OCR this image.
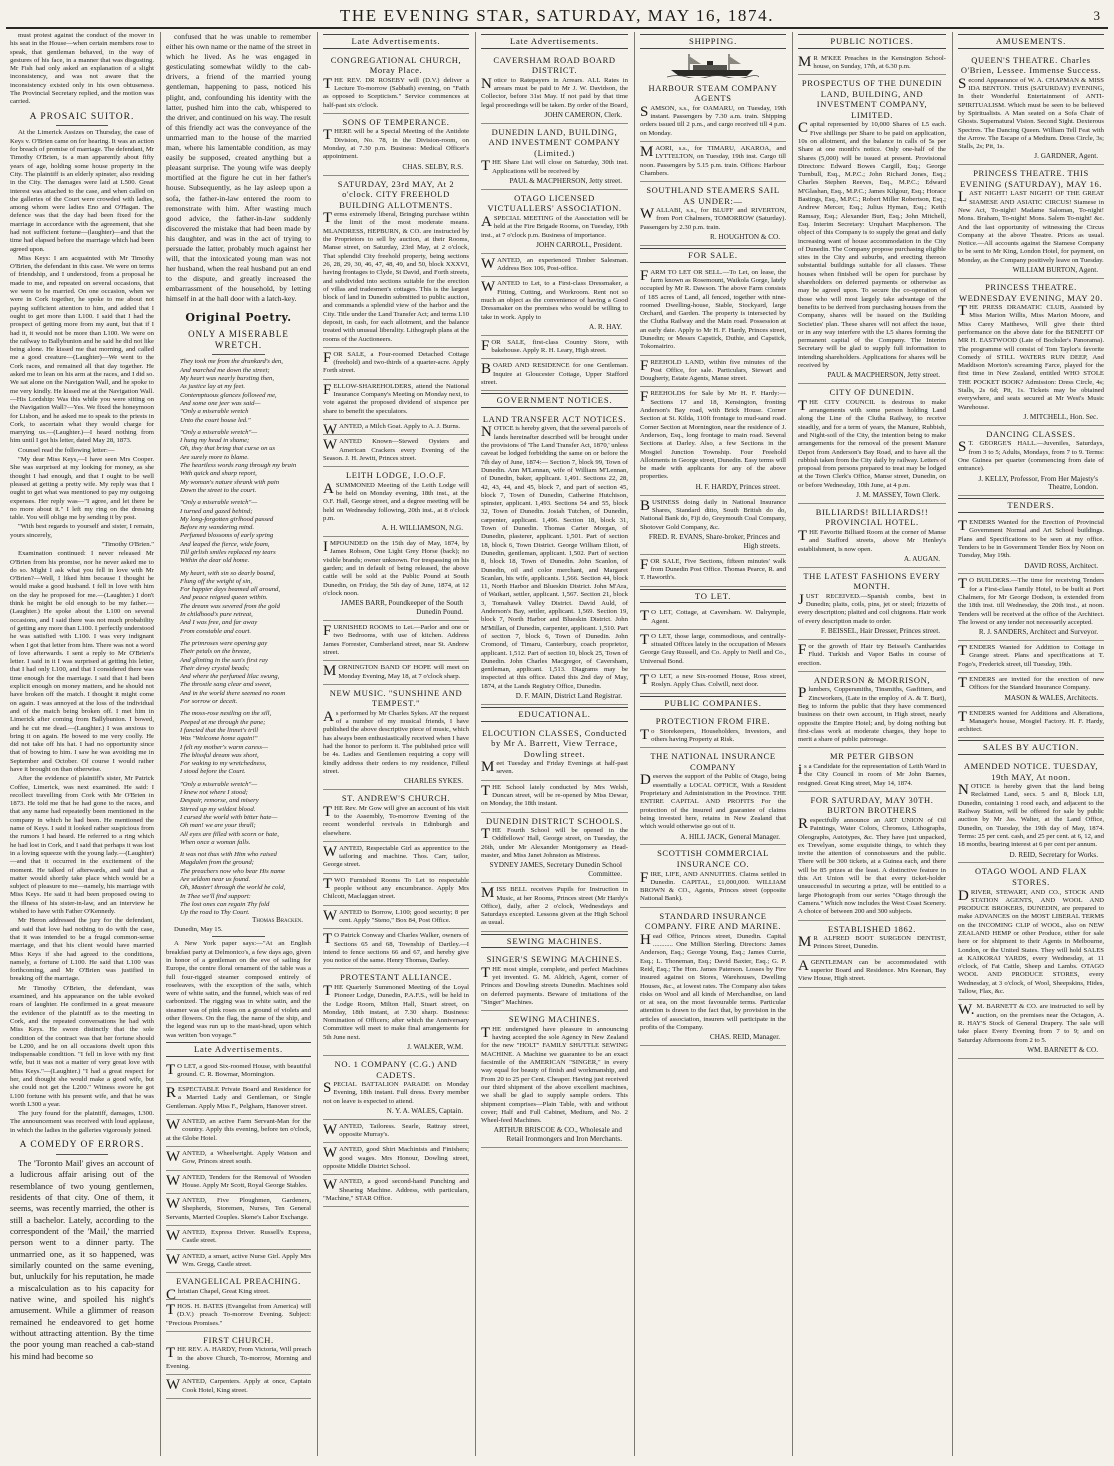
THE EVENING STAR, SATURDAY, MAY 16, 1874.	3
must protest against the conduct of the mover in his seat in the House—when certain members rose to speak, that gentleman behaved, in the way of gestures of his face, in a manner that was disgusting. Mr Fish had only asked an explanation of a slight inconsistency, and was not aware that the inconsistency existed only in his own obtuseness. The Provincial Secretary replied, and the motion was carried.
A PROSAIC SUITOR.
At the Limerick Assizes on Thursday, the case of Keys v. O'Brien came on for hearing. It was an action for breach of promise of marriage. The defendant, Mr Timothy O'Brien, is a man apparently about fifty years of age, holding some house property in the City. The plaintiff is an elderly spinster, also residing in the City. The damages were laid at L500. Great interest was attached to the case, and when called on the galleries of the Court were crowded with ladies, among whom were ladies Eno and O'Hagan. The defence was that the day had been fixed for the marriage in accordance with the agreement, that she had not sufficient fortune—(laughter)—and that the time had elapsed before the marriage which had been agreed upon.
Miss Keys: I am acquainted with Mr Timothy O'Brien, the defendant in this case. We were on terms of friendship, and I understood, from a proposal he made to me, and repeated on several occasions, that we were to be married. On one occasion, when we were in Cork together, he spoke to me about not paying sufficient attention to him, and added that I ought to get more than L100. I said that I had the prospect of getting more from my aunt, but that if I had it, it would not be more than L100. We were on the railway to Ballybunion and he said he did not like being alone. He kissed me that morning, and called me a good creature—(Laughter)—We went to the Cork races, and remained all that day together. He asked me to lean on his arm at the races, and I did so. We sat alone on the Navigation Wall, and he spoke to me very kindly. He kissed me at the Navigation Wall.—His Lordship: Was this while you were sitting on the Navigation Wall?—Yes. We fixed the honeymoon for Lisbon, and he asked me to speak to the priests in Cork, to ascertain what they would charge for marrying us.—(Laughter.)—I heard nothing from him until I got his letter, dated May 28, 1873.
Counsel read the following letter:—
"My dear Miss Keys,—I have seen Mrs Cooper. She was surprised at my looking for money, as she thought I had enough, and that I ought to be well pleased at getting a pretty wife. My reply was that I ought to get what was mentioned to pay my outgoing expenses. Her reply was—"I agree, and let there be no more about it." I left my ring on the dressing table. You will oblige me by sending it by post.
"With best regards to yourself and sister, I remain, yours sincerely,
"Timothy O'Brien."
Examination continued: I never released Mr O'Brien from his promise, nor he never asked me to do so. Might I ask what you fell in love with Mr O'Brien?—Well, I liked him because I thought he would make a good husband. I fell in love with him on the day he proposed for me.—(Laughter.) I don't think he might be old enough to be my father.—(Laughter.) He spoke about the L100 on several occasions, and I said there was not much probability of getting any more than L100. I perfectly understood he was satisfied with L100. I was very indignant when I got that letter from him. There was not a word of love afterwards. I sent a reply to Mr O'Brien's letter. I said in it I was surprised at getting his letter, that I had only L100, and that I considered there was time enough for the marriage. I said that I had been explicit enough on money matters, and he should not have broken off the match. I thought it might come on again. I was annoyed at the loss of the individual and of the match being broken off. I met him in Limerick after coming from Ballybunion. I bowed, and he cut me dead.—(Laughter.) I was anxious to bring it on again. He bowed to me very coolly. He did not take off his hat. I had no opportunity since that of bowing to him. I saw he was avoiding me in September and October. Of course I would rather have it brought on than otherwise.
After the evidence of plaintiff's sister, Mr Patrick Coffee, Limerick, was next examined. He said: I recollect travelling from Cork with Mr O'Brien in 1873. He told me that he had gone to the races, and that any name had repeatedly been mentioned in the company in which he had been. He mentioned the name of Keys. I said it looked rather suspicious from the rumors I had heard. He referred to a ring which he had lost in Cork, and I said that perhaps it was lost in a loving squeeze with the young lady.—(Laughter)—and that it occurred in the excitement of the moment. He talked of afterwards, and said that a matter would shortly take place which would be a subject of pleasure to me—namely, his marriage with Miss Keys. He said it had been proposed owing to the illness of his sister-in-law, and an interview he wished to have with Father O'Kennedy.
Mr Heron addressed the jury for the defendant, and said that love had nothing to do with the case, that it was intended to be a frugal common-sense marriage, and that his client would have married Miss Keys if she had agreed to the conditions, namely, a fortune of L100. He said that L100 was forthcoming, and Mr O'Brien was justified in breaking off the marriage.
Mr Timothy O'Brien, the defendant, was examined, and his appearance on the table evoked roars of laughter. He confirmed in a great measure the evidence of the plaintiff as to the meeting in Cork, and the repeated conversations he had with Miss Keys. He swore distinctly that the sole condition of the contract was that her fortune should be L200, and he on all occasions dwelt upon this indispensable condition. "I fell in love with my first wife, but it was not a matter of very great love with Miss Keys."—(Laughter.) "I had a great respect for her, and thought she would make a good wife, but she could not get the L200." Witness swore he got L100 fortune with his present wife, and that he was worth L300 a year.
The jury found for the plaintiff, damages, L300. The announcement was received with loud applause, in which the ladies in the galleries vigorously joined.
A COMEDY OF ERRORS.
The 'Toronto Mail' gives an account of a ludicrous affair arising out of the resemblance of two young gentlemen, residents of that city. One of them, it seems, was recently married, the other is still a bachelor. Lately, according to the correspondent of the 'Mail,' the married person went to a dinner party. The unmarried one, as it so happened, was similarly counted on the same evening, but, unluckily for his reputation, he made a miscalculation as to his capacity for native wine, and spoiled his night's amusement. While a glimmer of reason remained he endeavored to get home without attracting attention. By the time the poor young man reached a cab-stand his mind had become so
confused that he was unable to remember either his own name or the name of the street in which he lived. As he was engaged in gesticulating somewhat wildly to the cab-drivers, a friend of the married young gentleman, happening to pass, noticed his plight, and, confounding his identity with the latter, pushed him into the cab, whispered to the driver, and continued on his way. The result of this friendly act was the conveyance of the unmarried man to the house of the married man, where his lamentable condition, as may easily be supposed, created anything but a pleasant surprise. The young wife was deeply mortified at the figure he cut in her father's house. Subsequently, as he lay asleep upon a sofa, the father-in-law entered the room to remonstrate with him. After wasting much good advice, the father-in-law suddenly discovered the mistake that had been made by his daughter, and was in the act of trying to persuade the latter, probably much against her will, that the intoxicated young man was not her husband, when the real husband put an end to the dispute, and greatly increased the embarrassment of the household, by letting himself in at the hall door with a latch-key.
Original Poetry.
ONLY A MISERABLE WRETCH.
They took me from the drunkard's den,
And marched me down the street;
My heart was nearly bursting then,
As justice lay at my feet.
Contemptuous glances followed me,
And some one jeer was said—
"Only a miserable wretch
Unto the court house led."
"Only a miserable wretch"—
I hung my head in shame;
Oh, they that bring that curse on us
Are surely more to blame.
The heartless words rang through my brain
With quick and sharp report,
My woman's nature shrank with pain
Down the street to the court.
"Only a miserable wretch"—
I turned and gazed behind;
My long-forgotten girlhood passed
Before my wandering mind.
Perfumed blossoms of early spring
And leaped the fierce, wide foam,
Till girlish smiles replaced my tears
Within the dear old home.
My heart, with sin so dearly bound,
Flung off the weight of sin,
For happier days beamed all around,
And peace reigned queen within.
The dream was severed from the gold
In childhood's pure retreat,
And I was free, and far away
From constable and court.
The primroses were opening gay
Their petals on the breeze,
And glinting in the sun's first ray
Their dewy crystal beads;
And where the perfumed lilac swung,
The throstle sang clear and sweet,
And in the world there seemed no room
For sorrow or deceit.
The moss-rose nestling on the sill,
Peeped at me through the pane;
I fancied that the linnet's trill
Was "Welcome home again!"
I felt my mother's warm caress—
The blissful dream was short,
For waking to my wretchedness,
I stood before the Court.
"Only a miserable wretch"—
I knew not where I stood;
Despair, remorse, and misery
Stirred up my wildest blood.
I cursed the world with bitter hate—
Oh man! we are your thrall;
All eyes are filled with scorn or hate,
When once a woman falls.
It was not thus with Him who raised
Magdalen from the ground;
The preachers now who bear His name
Are seldom near us found.
Oh, Master! through the world be cold,
In Thee we'll find support:
The lost ones can regain Thy fold
Up the road to Thy Court.
Thomas Bracken.
Dunedin, May 15.
A New York paper says:—"At an English breakfast party at Delmonico's, a few days ago, given in honor of a gentleman on the eve of sailing for Europe, the centre floral ornament of the table was a full four-rigged steamer composed entirely of roseleaves, with the exception of the sails, which were of white satin, and the funnel, which was of red carbonized. The rigging was in white satin, and the steamer was of pink roses on a ground of violets and other flowers. On the flag, the name of the ship, and the legend was run up to the mast-head, upon which was written 'bon voyage.'"
Late Advertisements.
TO LET, a good Six-roomed House, with beautiful ground. C. R. Bowmar, Mornington.
RESPECTABLE Private Board and Residence for a Married Lady and Gentleman, or Single Gentleman. Apply Miss F., Pelgham, Hanover street.
WANTED, an active Farm Servant-Man for the country. Apply this evening, before ten o'clock, at the Globe Hotel.
WANTED, a Wheelwright. Apply Watson and Gow, Princes street south.
WANTED, Tenders for the Removal of Wooden House. Apply Mr Scott, Royal George Stables.
WANTED, Five Ploughmen, Gardeners, Shepherds, Storemen, Nurses, Ten General Servants, Married Couples. Skene's Labor Exchange.
WANTED, Express Driver. Russell's Express, Castle street.
WANTED, a smart, active Nurse Girl. Apply Mrs Wm. Gregg, Castle street.
EVANGELICAL PREACHING.
Christian Chapel, Great King street.
THOS. H. BATES (Evangelist from America) will (D.V.) preach To-morrow Evening. Subject: "Precious Promises."
FIRST CHURCH.
THE REV. A. HARDY, From Victoria, Will preach in the above Church, To-morrow, Morning and Evening.
WANTED, Carpenters. Apply at once, Captain Cook Hotel, King street.
Late Advertisements.
CONGREGATIONAL CHURCH, Moray Place.
THE REV. DR ROSEBY will (D.V.) deliver a Lecture To-morrow (Sabbath) evening, on "Faith as opposed to Scepticism." Service commences at half-past six o'clock.
SONS OF TEMPERANCE.
THERE will be a Special Meeting of the Antidote Division, No. 78, in the Division-room, on Monday, at 7.30 p.m. Business: Medical Officer's appointment.
CHAS. SELBY, R.S.
SATURDAY, 23rd MAY, At 2 o'clock. CITY FREEHOLD BUILDING ALLOTMENTS.
Terms extremely liberal, Bringing purchase within the limit of the most moderate means. MLANDRESS, HEPBURN, & CO. are instructed by the Proprietors to sell by auction, at their Rooms, Manse street, on Saturday, 23rd May, at 2 o'clock, That splendid City freehold property, being sections 26, 28, 29, 30, 46, 47, 48, 49, and 50, block XXXVI, having frontages to Clyde, St David, and Forth streets, and subdivided into sections suitable for the erection of villas and tradesmen's cottages. This is the largest block of land in Dunedin submitted to public auction, and commands a splendid view of the harbor and the City. Title under the Land Transfer Act; and terms L10 deposit, in cash, for each allotment, and the balance treated with unusual liberality. Lithograph plans at the rooms of the Auctioneers.
FOR SALE, a Four-roomed Detached Cottage (freehold) and two-thirds of a quarter-acre. Apply Forth street.
FELLOW-SHAREHOLDERS, attend the National Insurance Company's Meeting on Monday next, to vote against the proposed dividend of sixpence per share to benefit the speculators.
WANTED, a Milch Goat. Apply to A. J. Burns.
WANTED Known—Stewed Oysters and American Crackers every Evening of the Season. J. H. Jewitt, Princes street.
LEITH LODGE, I.O.O.F.
ASUMMONED Meeting of the Leith Lodge will be held on Monday evening, 18th inst., at the O.F. Hall, George street, and a degree meeting will be held on Wednesday following, 20th inst., at 8 o'clock p.m.
A. H. WILLIAMSON, N.G.
IMPOUNDED on the 15th day of May, 1874, by James Robson, One Light Grey Horse (back); no visible brands; owner unknown. For trespassing on his garden; and in default of being released, the above cattle will be sold at the Public Pound at South Dunedin, on Friday, the 5th day of June, 1874, at 12 o'clock noon.
JAMES BARR, Poundkeeper of the South Dunedin Pound.
FURNISHED ROOMS to Let.—Parlor and one or two Bedrooms, with use of kitchen. Address James Forrester, Cumberland street, near St. Andrew street.
MORNINGTON BAND OF HOPE will meet on Monday Evening, May 18, at 7 o'clock sharp.
NEW MUSIC. "SUNSHINE AND TEMPEST."
As performed by Mr Charles Sykes. AT the request of a number of my musical friends, I have published the above descriptive piece of music, which has always been enthusiastically received when I have had the honor to perform it. The published price will be 4s. Ladies and Gentlemen requiring a copy will kindly address their orders to my residence, Filleul street.
CHARLES SYKES.
ST. ANDREW'S CHURCH.
THE Rev. Mr Gow will give an account of his visit to the Assembly, To-morrow Evening of the recent wonderful revivals in Edinburgh and elsewhere.
WANTED, Respectable Girl as apprentice to the tailoring and machine. Thos. Carr, tailor, George street.
TWO Furnished Rooms To Let to respectable people without any encumbrance. Apply Mrs Chilcott, Maclaggan street.
WANTED to Borrow, L100; good security; 8 per cent. Apply "Steno," Box 84, Post Office.
TO Patrick Conway and Charles Walker, owners of Sections 65 and 68, Township of Dartley.—I intend to fence sections 66 and 67, and hereby give you notice of the same. Henry Thomas, Darley.
PROTESTANT ALLIANCE.
THE Quarterly Summoned Meeting of the Loyal Pioneer Lodge, Dunedin, P.A.F.S., will be held in the Lodge Room, Milton Hall, Stuart street, on Monday, 18th instant, at 7.30 sharp. Business: Nomination of Officers; after which the Anniversary Committee will meet to make final arrangements for 5th June next.
J. WALKER, W.M.
NO. 1 COMPANY (C.G.) AND CADETS.
SPECIAL BATTALION PARADE on Monday Evening, 18th instant. Full dress. Every member not on leave is expected to attend.
N. Y. A. WALES, Captain.
WANTED, Tailoress. Searle, Rattray street, opposite Murray's.
WANTED, good Shirt Machinists and Finishers; good wages. Mrs Honour, Dowling street, opposite Middle District School.
WANTED, a good second-hand Punching and Shearing Machine. Address, with particulars, "Machine," STAR Office.
Late Advertisements.
CAVERSHAM ROAD BOARD DISTRICT.
Notice to Ratepayers in Arrears. ALL Rates in arrears must be paid to Mr J. W. Davidson, the Collector, before 31st May. If not paid by that time legal proceedings will be taken. By order of the Board,
JOHN CAMERON, Clerk.
DUNEDIN LAND, BUILDING, AND INVESTMENT COMPANY (Limited.)
THE Share List will close on Saturday, 30th inst. Applications will be received by
PAUL & MACPHERSON, Jetty street.
OTAGO LICENSED VICTUALLERS' ASSOCIATION.
ASPECIAL MEETING of the Association will be held at the Fire Brigade Rooms, on Tuesday, 19th inst., at 7 o'clock p.m. Business of importance.
JOHN CARROLL, President.
WANTED, an experienced Timber Salesman. Address Box 106, Post-office.
WANTED to Let, to a First-class Dressmaker, a Fitting, Cutting, and Workroom. Rent not so much an object as the convenience of having a Good Dressmaker on the premises who would be willing to take in work. Apply to
A. R. HAY.
FOR SALE, first-class Country Store, with bakehouse. Apply R. H. Leary, High street.
BOARD AND RESIDENCE for one Gentleman. Inquire at Gloucester Cottage, Upper Stafford street.
GOVERNMENT NOTICES.
LAND TRANSFER ACT NOTICES.
NOTICE is hereby given, that the several parcels of lands hereinafter described will be brought under the provisions of 'The Land Transfer Act, 1870,' unless caveat be lodged forbidding the same on or before the 7th day of June, 1874:— Section 7, block 99, Town of Dunedin. Ann M'Lennan, wife of William M'Lennan, of Dunedin, baker, applicant. 1,491. Sections 22, 28, 42, 43, 44, and 45, block 7, and part of section 45, block 7, Town of Dunedin, Catherine Hutchison, spinster, applicant. 1,493. Sections 54 and 55, block 32, Town of Dunedin. Josiah Tutchen, of Dunedin, carpenter, applicant. 1,496. Section 18, block 31, Town of Dunedin. Thomas Carter Morgan, of Dunedin, plasterer, applicant. 1,501. Part of section 18, block 6, Town District. George William Eliott, of Dunedin, gentleman, applicant. 1,502. Part of section 8, block 18, Town of Dunedin. John Scanlon, of Dunedin, oil and color merchant, and Margaret Scanlan, his wife, applicants. 1,566. Section 44, block 11, North Harbor and Blueskin District. John M'Ara, of Waikari, settler, applicant. 1,567. Section 21, block 3, Tomahawk Valley District. David Auld, of Anderson's Bay, settler, applicant. 1,569. Section 19, block 7, North Harbor and Blueskin District. John M'Millan, of Dunedin, carpenter, applicant. 1,510. Part of section 7, block 6, Town of Dunedin. John Cromond, of Timaru, Canterbury, coach proprietor, applicant. 1,512. Part of section 10, block 25, Town of Dunedin. John Charles Macgregor, of Caversham, gentleman, applicant. 1,513. Diagrams may be inspected at this office. Dated this 2nd day of May, 1874, at the Lands Registry Office, Dunedin.
D. F. MAIN, District Land Registrar.
EDUCATIONAL.
ELOCUTION CLASSES, Conducted by Mr A. Barrett, View Terrace, Dowling street.
Meet Tuesday and Friday Evenings at half-past seven.
THE School lately conducted by Mrs Welsh, Duncan street, will be re-opened by Miss Dewar, on Monday, the 18th instant.
DUNEDIN DISTRICT SCHOOLS.
THE Fourth School will be opened in the Oddfellows' Hall, George street, on Tuesday, the 26th, under Mr Alexander Montgomery as Head-master, and Miss Janet Johnston as Mistress.
SYDNEY JAMES, Secretary Dunedin School Committee.
MISS BELL receives Pupils for Instruction in Music, at her Rooms, Princes street (Mr Hardy's Office), daily, after 2 o'clock, Wednesdays and Saturdays excepted. Lessons given at the High School as usual.
SEWING MACHINES.
SINGER'S SEWING MACHINES.
THE most simple, complete, and perfect Machines yet invented. G. M. Aldrich, Agent, corner of Princes and Dowling streets Dunedin. Machines sold on deferred payments. Beware of imitations of the "Singer" Machines.
SEWING MACHINES.
THE undersigned have pleasure in announcing having accepted the sole Agency in New Zealand for the new "HOLT" FAMILY SHUTTLE SEWING MACHINE. A Machine we guarantee to be an exact facsimile of the AMERICAN "SINGER," in every way equal for beauty of finish and workmanship, and From 20 to 25 per Cent. Cheaper. Having just received our third shipment of the above excellent machines, we shall be glad to supply sample orders. This shipment comprises—Plain Table, with and without cover; Half and Full Cabinet, Medium, and No. 2 Wheel-feed Machines.
ARTHUR BRISCOE & CO., Wholesale and Retail Ironmongers and Iron Merchants.
SHIPPING.
HARBOUR STEAM COMPANY AGENTS
SAMSON, s.s., for OAMARU, on Tuesday, 19th instant. Passengers by 7.30 a.m. train. Shipping orders issued till 2 p.m., and cargo received till 4 p.m. on Monday.
MAORI, s.s., for TIMARU, AKAROA, and LYTTELTON, on Tuesday, 19th inst. Cargo till noon. Passengers by 5.15 p.m. train. Offices: Harbour Chambers.
SOUTHLAND STEAMERS SAIL AS UNDER:—
WALLABI, s.s., for BLUFF and RIVERTON, from Port Chalmers, TOMORROW (Saturday). Passengers by 2.30 p.m. train.
R. HOUGHTON & CO.
FOR SALE.
FARM TO LET OR SELL.—To Let, on lease, the farm known as Rosemount, Waikola Gorge, lately occupied by Mr R. Dawson. The above Farm consists of 185 acres of Land, all fenced, together with nine-roomed Dwelling-house, Stable, Stockyard, large Orchard, and Garden. The property is intersected by the Clutha Railway and the Main road. Possession at an early date. Apply to Mr H. F. Hardy, Princes street, Dunedin; or Messrs Capstick, Duthie, and Capstick, Tokomairiro.
FREEHOLD LAND, within five minutes of the Post Office, for sale. Particulars, Stewart and Dougherty, Estate Agents, Manse street.
FREEHOLDS for Sale by Mr H. F. Hardy:— Sections 17 and 18, Kensington, fronting Anderson's Bay road, with Brick House. Corner Section at St. Kilda, 110ft frontage to mud-sand road. Corner Section at Mornington, near the residence of J. Anderson, Esq., long frontage to main road. Several Sections at Darley. Also, a few Sections in the Mosgiel Junction Township. Four Freehold Allotments in George street, Dunedin. Easy terms will be made with applicants for any of the above properties.
H. F. HARDY, Princes street.
BUSINESS doing daily in National Insurance Shares, Standard ditto, South British do do, National Bank do, Fiji do, Greymouth Coal Company, Shotover Gold Company, &c.
FRED. R. EVANS, Share-broker, Princes and High streets.
FOR SALE, Five Sections, fifteen minutes' walk from Dunedin Post Office. Thomas Pearce, R. and T. Haworth's.
TO LET.
TO LET, Cottage, at Caversham. W. Dalrymple, Agent.
TO LET, those large, commodious, and centrally-situated Offices lately in the occupation of Messrs George Gray Russell, and Co. Apply to Neill and Co., Universal Bond.
TO LET, a new Six-roomed House, Ross street, Roslyn. Apply Chas. Colwill, next door.
PUBLIC COMPANIES.
PROTECTION FROM FIRE.
To Storekeepers, Householders, Investors, and others having Property at Risk.
THE NATIONAL INSURANCE COMPANY
Deserves the support of the Public of Otago, being essentially a LOCAL OFFICE, With a Resident Proprietary and Administration in the Province. THE ENTIRE CAPITAL AND PROFITS For the protection of the insured and guarantee of claims being invested here, retains in New Zealand that which would otherwise go out of it.
A. HILL JACK, General Manager.
SCOTTISH COMMERCIAL INSURANCE CO.
FIRE, LIFE, AND ANNUITIES. Claims settled in Dunedin. CAPITAL, £1,000,000. WILLIAM BROWN & CO., Agents, Princes street (opposite National Bank).
STANDARD INSURANCE COMPANY. FIRE AND MARINE.
Head Office, Princes street, Dunedin. Capital ............ One Million Sterling. Directors: James Anderson, Esq.; George Young, Esq.; James Currie, Esq.; L. Thoneman, Esq.; David Baxter, Esq.; G. P. Reid, Esq.; The Hon. James Paterson. Losses by Fire insured against on Stores, Warehouses, Dwelling Houses, &c., at lowest rates. The Company also takes risks on Wool and all kinds of Merchandise, on land or at sea, on the most favourable terms. Particular attention is drawn to the fact that, by provision in the articles of association, insurers will participate in the profits of the Company.
CHAS. REID, Manager.
PUBLIC NOTICES.
MR M'KEE Preaches in the Kensington School-house, on Sunday, 17th, at 6.30 p.m.
PROSPECTUS OF THE DUNEDIN LAND, BUILDING, AND INVESTMENT COMPANY, LIMITED.
Capital represented by 10,000 Shares of L5 each. Five shillings per Share to be paid on application, 10s on allotment, and the balance in calls of 5s per Share at one month's notice. Only one-half of the Shares (5,000) will be issued at present. Provisional Directors: Edward Bowes Cargill, Esq.; George Turnbull, Esq., M.P.C.; John Richard Jones, Esq.; Charles Stephen Reeves, Esq., M.P.C.; Edward M'Glashan, Esq., M.P.C.; James Kilgour, Esq.; Horace Bastings, Esq., M.P.C.; Robert Miller Robertson, Esq.; Andrew Mercer, Esq.; Julius Hyman, Esq.; Keith Ramsay, Esq.; Alexander Burt, Esq.; John Mitchell, Esq. Interim Secretary: Urquhart Macpherson. The object of this Company is to supply the great and daily increasing want of house accommodation in the City of Dunedin. The Company propose purchasing eligible sites in the City and suburbs, and erecting thereon substantial buildings suitable for all classes. These houses when finished will be open for purchase by shareholders on deferred payments or otherwise as may be agreed upon. To secure the co-operation of those who will most largely take advantage of the benefits to be derived from purchasing houses from the Company, shares will be issued on the Building Societies' plan. These shares will not affect the issue, or in any way interfere with the L5 shares forming the permanent capital of the Company. The Interim Secretary will be glad to supply full information to intending shareholders. Applications for shares will be received by
PAUL & MACPHERSON, Jetty street.
CITY OF DUNEDIN.
THE CITY COUNCIL is desirous to make arrangements with some person holding Land along the Line of the Clutha Railway, to receive steadily, and for a term of years, the Manure, Rubbish, and Night-soil of the City, the intention being to make arrangements for the removal of the present Manure Depot from Anderson's Bay Road, and to have all the rubbish taken from the City daily by railway. Letters of proposal from persons prepared to treat may be lodged at the Town Clerk's Office, Manse street, Dunedin, on or before Wednesday, 10th June, at 4 p.m.
J. M. MASSEY, Town Clerk.
BILLIARDS! BILLIARDS!! PROVINCIAL HOTEL.
THE Favorite Billiard Room at the corner of Manse and Stafford streets, above Mr Henley's establishment, is now open.
A. AUGAN.
THE LATEST FASHIONS EVERY MONTH.
JUST RECEIVED.—Spanish combs, best in Dunedin; plaits, coils, pins, jet or steel; frizzetts of every description; plaited and coil chignons. Hair work of every description made to order.
F. BEISSEL, Hair Dresser, Princes street.
For the growth of Hair try Beissel's Cantharides Fluid. Turkish and Vapor Baths in course of erection.
ANDERSON & MORRISON,
Plumbers, Coppersmiths, Tinsmiths, Gasfitters, and Zincworkers, (Late in the employ of A. & T. Burt), Beg to inform the public that they have commenced business on their own account, in High street, nearly opposite the Empire Hotel; and, by doing nothing but first-class work at moderate charges, they hope to merit a share of public patronage.
MR PETER GIBSON
is a Candidate for the representation of Leith Ward in the City Council in room of Mr John Barnes, resigned. Great King street, May 14, 1874.
FOR SATURDAY, MAY 30TH. BURTON BROTHERS
Respectfully announce an ART UNION of Oil Paintings, Water Colors, Chromos, Lithographs, Oleographs, Autotypes, &c. They have just unpacked, ex Trevelyan, some exquisite things, to which they invite the attention of connoisseurs and the public. There will be 300 tickets, at a Guinea each, and there will be 85 prizes at the least. A distinctive feature in this Art Union will be that every ticket-holder unsuccessful in securing a prize, will be entitled to a large Photograph from our series "Otago through the Camera." Which now includes the West Coast Scenery. A choice of between 200 and 300 subjects.
ESTABLISHED 1862.
MR ALFRED BOOT SURGEON DENTIST, Princes Street, Dunedin.
AGENTLEMAN can be accommodated with superior Board and Residence. Mrs Keenan, Bay View House, High street.
AMUSEMENTS.
QUEEN'S THEATRE. Charles O'Brien, Lessee. Immense Success.
Second Appearance of W. A. CHAPMAN & MISS IDA BENTON. THIS (SATURDAY) EVENING, In their Wonderful Entertainment of ANTI-SPIRITUALISM. Which must be seen to be believed by Spiritualists. A Man seated on a Sofa Chair of Ghosts. Supernatural Vision. Second Sight. Dexterous Spectres. The Dancing Queen. William Tell Feat with the Arrow. The Escape of a Medium. Dress Circle, 3s; Stalls, 2s; Pit, 1s.
J. GARDNER, Agent.
PRINCESS THEATRE. THIS EVENING (SATURDAY), MAY 16.
LAST NIGHT! LAST NIGHT! OF THE GREAT SIAMESE AND ASIATIC CIRCUS! Siamese in New Act, To-night! Madame Saloman, To-night! Mons. Braham, To-night! Mons. Salem To-night! &c. And the last opportunity of witnessing the Circus Company at the above Theatre. Prices as usual. Notice.—All accounts against the Siamese Company to be sent to Mr King, London Hotel, for payment, on Monday, as the Company positively leave on Tuesday.
WILLIAM BURTON, Agent.
PRINCESS THEATRE. WEDNESDAY EVENING, MAY 20.
THE PRESS DRAMATIC CLUB, Assisted by Miss Marion Willis, Miss Marion Moore, and Miss Carey Matthews, Will give their third performance on the above date for the BENEFIT OF MR H. EASTWOOD (Late of Bochsler's Panorama). The programme will consist of Tom Taylor's favorite Comedy of STILL WATERS RUN DEEP, And Maddison Morton's screaming Farce, played for the first time in New Zealand, entitled WHO STOLE THE POCKET BOOK? Admission: Dress Circle, 4s; Stalls, 2s 6d; Pit, 1s. Tickets may be obtained everywhere, and seats secured at Mr West's Music Warehouse.
J. MITCHELL, Hon. Sec.
DANCING CLASSES.
ST. GEORGE'S HALL.—Juveniles, Saturdays, from 3 to 5; Adults, Mondays, from 7 to 9. Terms: One Guinea per quarter (commencing from date of entrance).
J. KELLY, Professor, From Her Majesty's Theatre, London.
TENDERS.
TENDERS Wanted for the Erection of Provincial Government Normal and Art School buildings. Plans and Specifications to be seen at my office. Tenders to be in Government Tender Box by Noon on Tuesday, May 19th.
DAVID ROSS, Architect.
TO BUILDERS.—The time for receiving Tenders for a First-class Family Hotel, to be built at Port Chalmers, for Mr George Dodson, is extended from the 18th inst. till Wednesday, the 20th inst., at noon. Tenders will be received at the office of the Architect. The lowest or any tender not necessarily accepted.
R. J. SANDERS, Architect and Surveyor.
TENDERS Wanted for Addition to Cottage in Grange street. Plans and specifications at T. Fogo's, Frederick street, till Tuesday, 19th.
TENDERS are invited for the erection of new Offices for the Standard Insurance Company.
MASON & WALES, Architects.
TENDERS wanted for Additions and Alterations, Manager's house, Mosgiel Factory. H. F. Hardy, architect.
SALES BY AUCTION.
AMENDED NOTICE. TUESDAY, 19th MAY, At noon.
NOTICE is hereby given that the land being Reclaimed Land, secs. 5 and 8, Block LII, Dunedin, containing 1 rood each, and adjacent to the Railway Station, will be offered for sale by public auction by Mr Jas. Walter, at the Land Office, Dunedin, on Tuesday, the 19th day of May, 1874. Terms: 25 per cent. cash, and 25 per cent. at 6, 12, and 18 months, bearing interest at 6 per cent per annum.
D. REID, Secretary for Works.
OTAGO WOOL AND FLAX STORES.
DRIVER, STEWART, AND CO., STOCK AND STATION AGENTS, AND WOOL AND PRODUCE BROKERS, DUNEDIN, are prepared to make ADVANCES on the MOST LIBERAL TERMS on the INCOMING CLIP of WOOL, also on NEW ZEALAND HEMP or other Produce, either for sale here or for shipment to their Agents in Melbourne, London, or the United States. They will hold SALES at KAIKORAI YARDS, every Wednesday, at 11 o'clock, of Fat Cattle, Sheep and Lambs. OTAGO WOOL AND PRODUCE STORES, every Wednesday, at 3 o'clock, of Wool, Sheepskins, Hides, Tallow, Flax, &c.
W.M. BARNETT & CO. are instructed to sell by auction, on the premises near the Octagon, A. R. HAY'S Stock of General Drapery. The sale will take place Every Evening from 7 to 9; and on Saturday Afternoons from 2 to 5.
WM. BARNETT & CO.
